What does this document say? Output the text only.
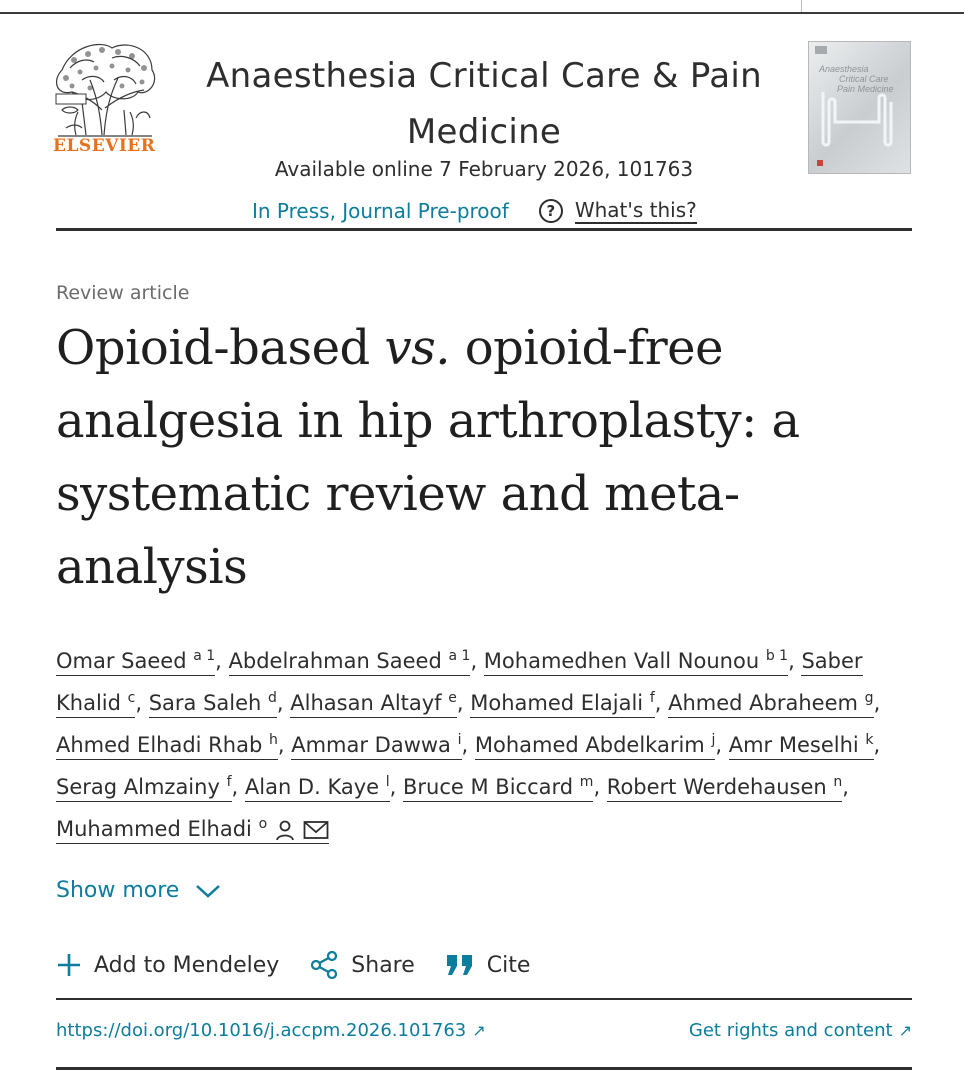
ELSEVIER
Anaesthesia Critical Care & Pain
Medicine
Available online 7 February 2026, 101763
In Press, Journal Pre-proof	? What's this?
Anaesthesia
Critical Care
Pain Medicine
Review article
Opioid-based vs. opioid-free analgesia in hip arthroplasty: a systematic review and meta-analysis
Omar Saeed $^{a 1}$, Abdelrahman Saeed $^{a 1}$, Mohamedhen Vall Nounou $^{b 1}$, Saber Khalid $^c$, Sara Saleh $^d$, Alhasan Altayf $^e$, Mohamed Elajali $^f$, Ahmed Abraheem $^g$, Ahmed Elhadi Rhab $^h$, Ammar Dawwa $^i$, Mohamed Abdelkarim $^j$, Amr Meselhi $^k$, Serag Almzainy $^f$, Alan D. Kaye $^l$, Bruce M Biccard $^m$, Robert Werdehausen $^n$, Muhammed Elhadi $^o$
Show more
Add to Mendeley	Share	Cite
https://doi.org/10.1016/j.accpm.2026.101763 ↗	Get rights and content ↗
